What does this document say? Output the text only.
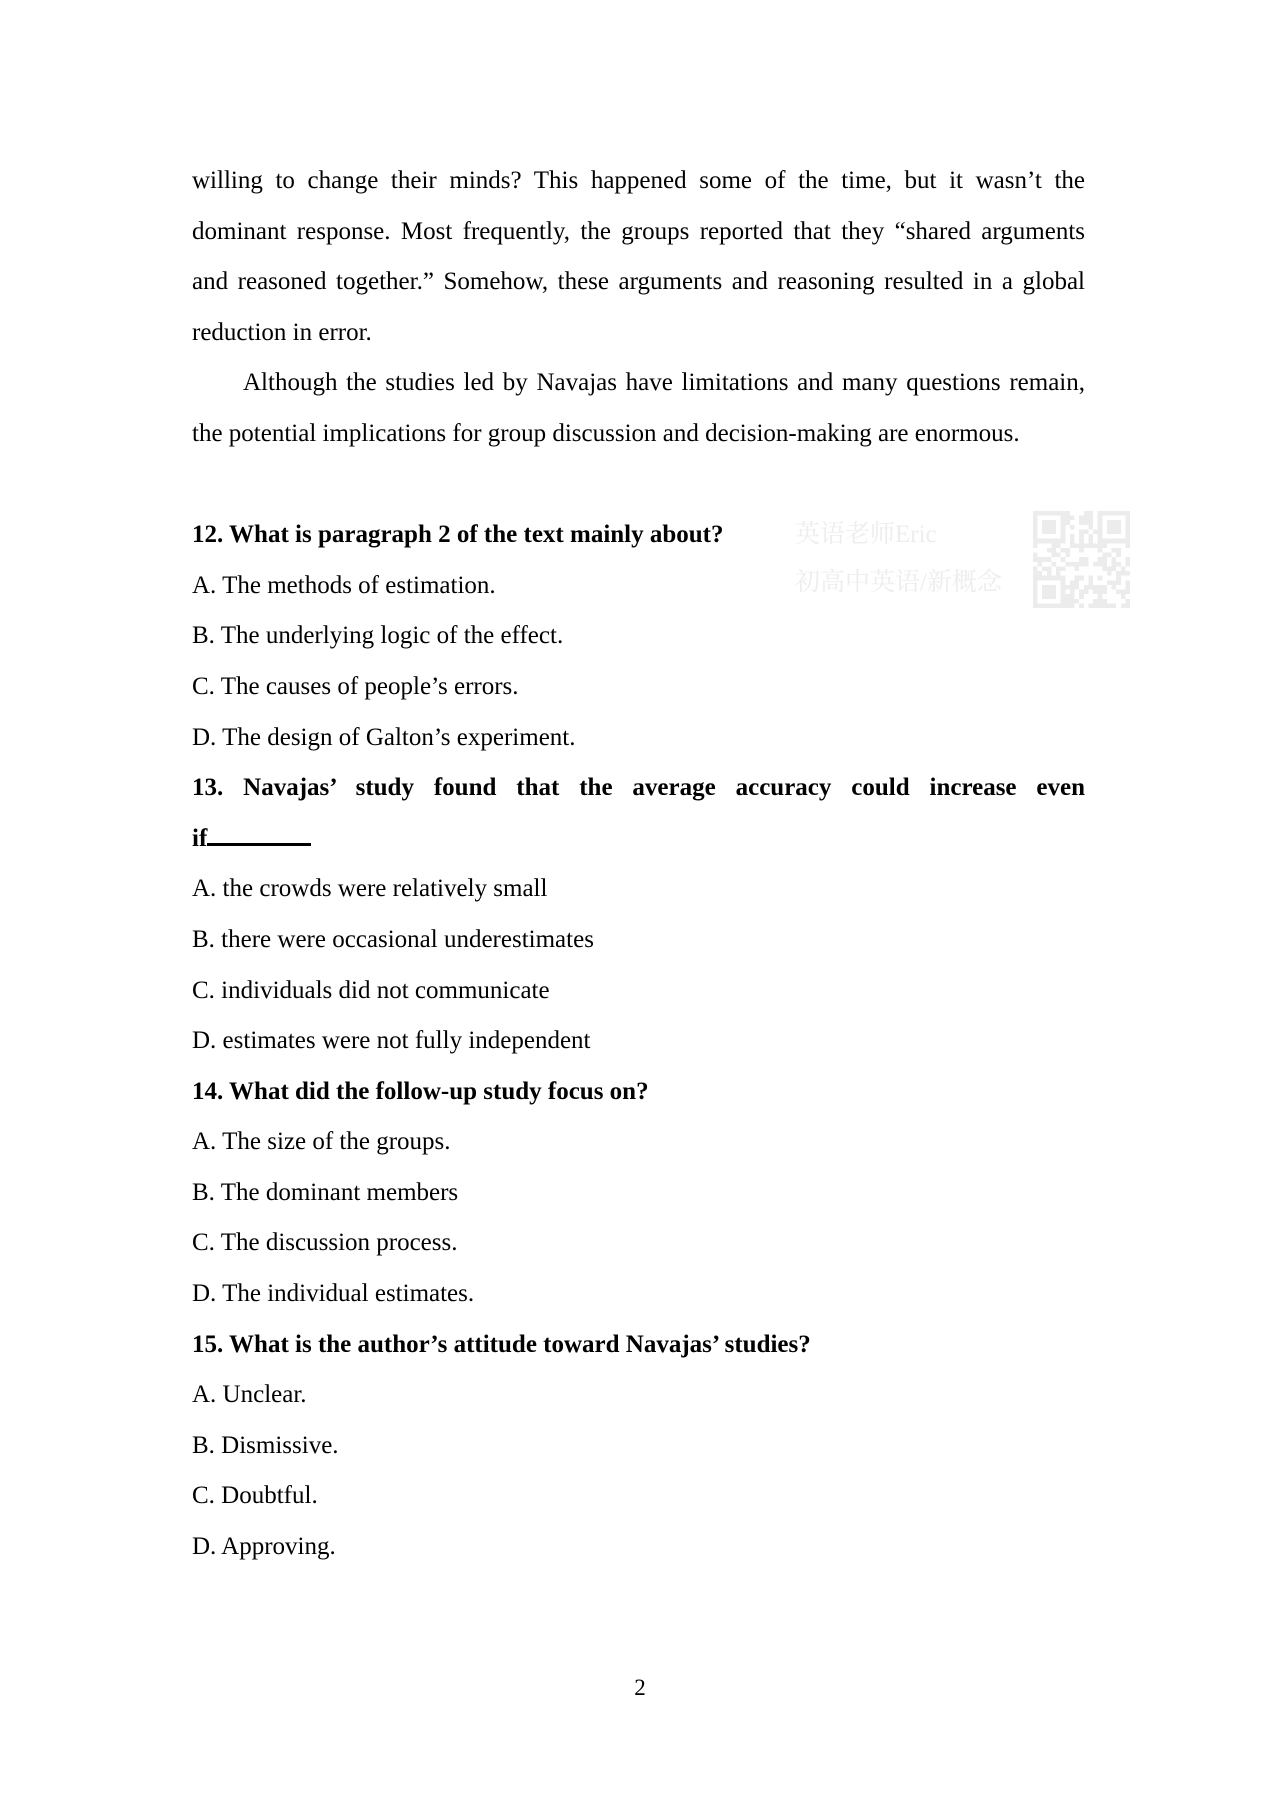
英语老师Eric
初高中英语/新概念
willing to change their minds? This happened some of the time, but it wasn’t the
dominant response. Most frequently, the groups reported that they “shared arguments
and reasoned together.” Somehow, these arguments and reasoning resulted in a global
reduction in error.
Although the studies led by Navajas have limitations and many questions remain,
the potential implications for group discussion and decision-making are enormous.
12. What is paragraph 2 of the text mainly about?
A. The methods of estimation.
B. The underlying logic of the effect.
C. The causes of people’s errors.
D. The design of Galton’s experiment.
13. Navajas’ study found that the average accuracy could increase even
if
A. the crowds were relatively small
B. there were occasional underestimates
C. individuals did not communicate
D. estimates were not fully independent
14. What did the follow-up study focus on?
A. The size of the groups.
B. The dominant members
C. The discussion process.
D. The individual estimates.
15. What is the author’s attitude toward Navajas’ studies?
A. Unclear.
B. Dismissive.
C. Doubtful.
D. Approving.
2
